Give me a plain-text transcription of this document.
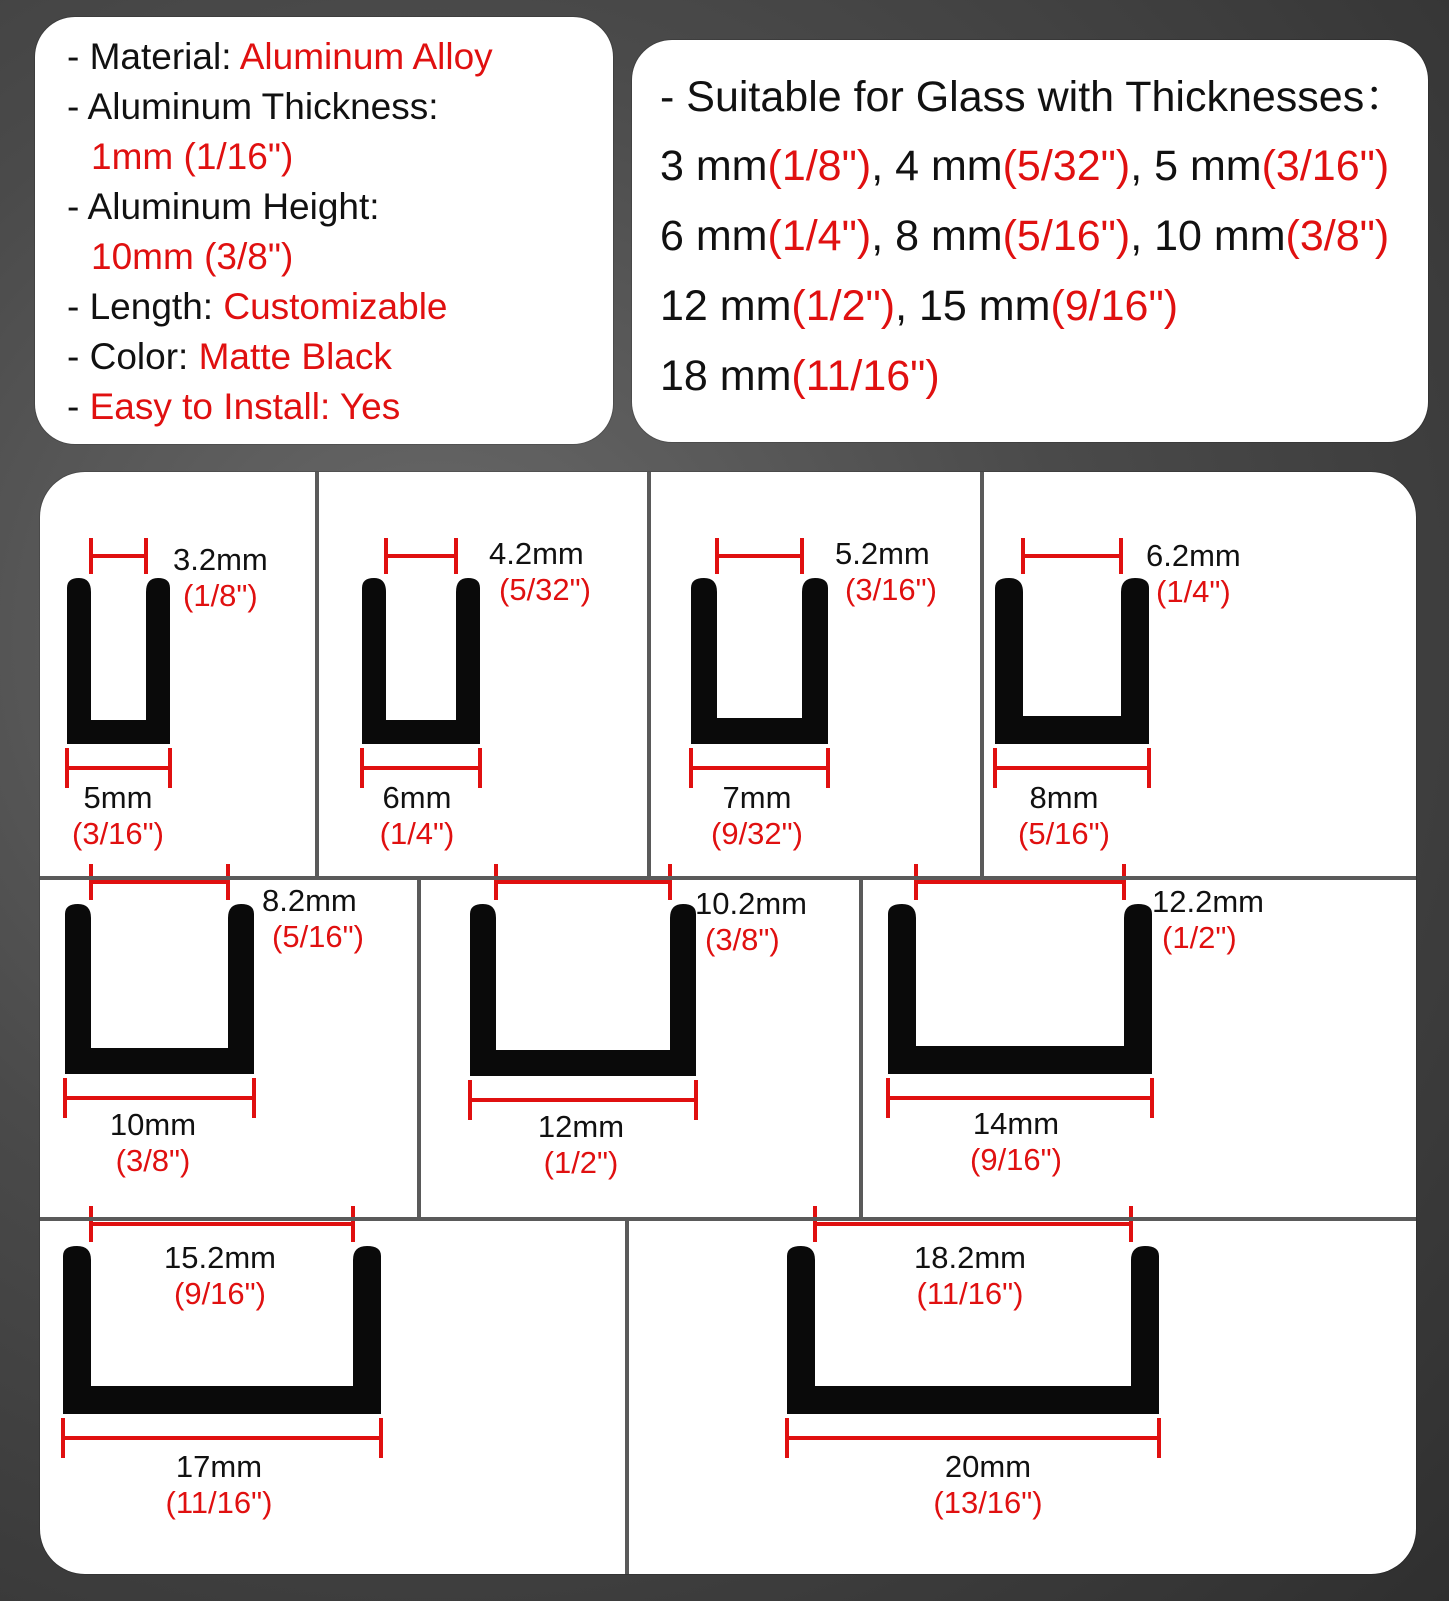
- Material: Aluminum Alloy
- Aluminum Thickness:
1mm (1/16")
- Aluminum Height:
10mm (3/8")
- Length: Customizable
- Color: Matte Black
- Easy to Install: Yes
- Suitable for Glass with Thicknesses：
3 mm(1/8"), 4 mm(5/32"), 5 mm(3/16")
6 mm(1/4"), 8 mm(5/16"), 10 mm(3/8")
12 mm(1/2"), 15 mm(9/16")
18 mm(11/16")
3.2mm
(1/8")
5mm
(3/16")
4.2mm
(5/32")
6mm
(1/4")
5.2mm
(3/16")
7mm
(9/32")
6.2mm
(1/4")
8mm
(5/16")
8.2mm
(5/16")
10mm
(3/8")
10.2mm
(3/8")
12mm
(1/2")
12.2mm
(1/2")
14mm
(9/16")
15.2mm
(9/16")
17mm
(11/16")
18.2mm
(11/16")
20mm
(13/16")
